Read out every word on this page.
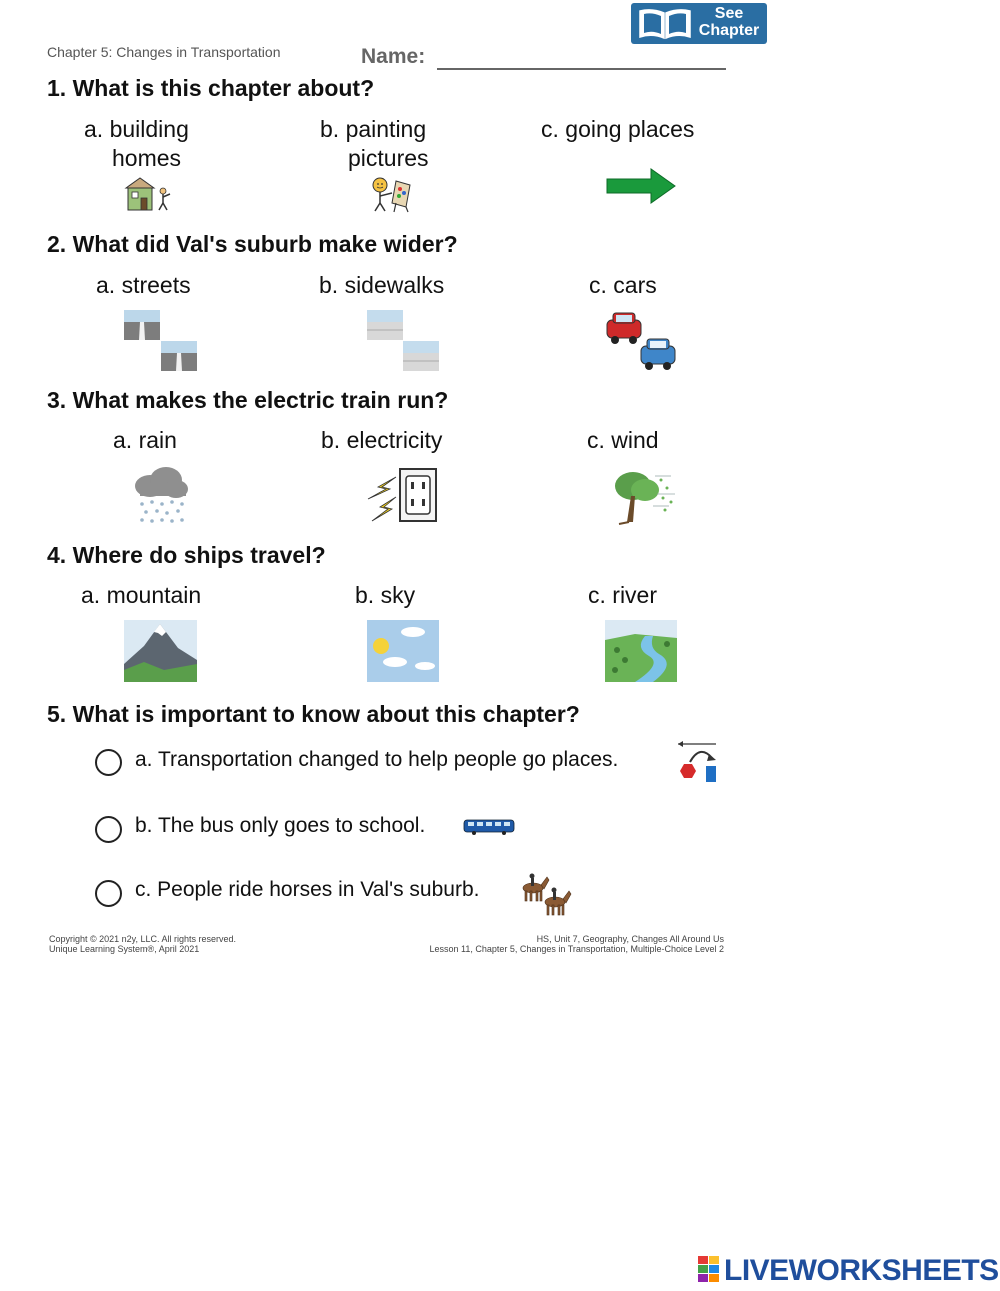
Chapter 5: Changes in Transportation	Name:
See
Chapter
1. What is this chapter about?
a. building
homes
b. painting
pictures
c. going places
2. What did Val's suburb make wider?
a. streets	b. sidewalks	c. cars
3. What makes the electric train run?
a. rain	b. electricity	c. wind
4. Where do ships travel?
a. mountain	b. sky	c. river
5. What is important to know about this chapter?
a. Transportation changed to help people go places.
b. The bus only goes to school.
c. People ride horses in Val's suburb.
Copyright © 2021 n2y, LLC. All rights reserved.
Unique Learning System®, April 2021
HS, Unit 7, Geography, Changes All Around Us
Lesson 11, Chapter 5, Changes in Transportation, Multiple-Choice Level 2
LIVEWORKSHEETS
